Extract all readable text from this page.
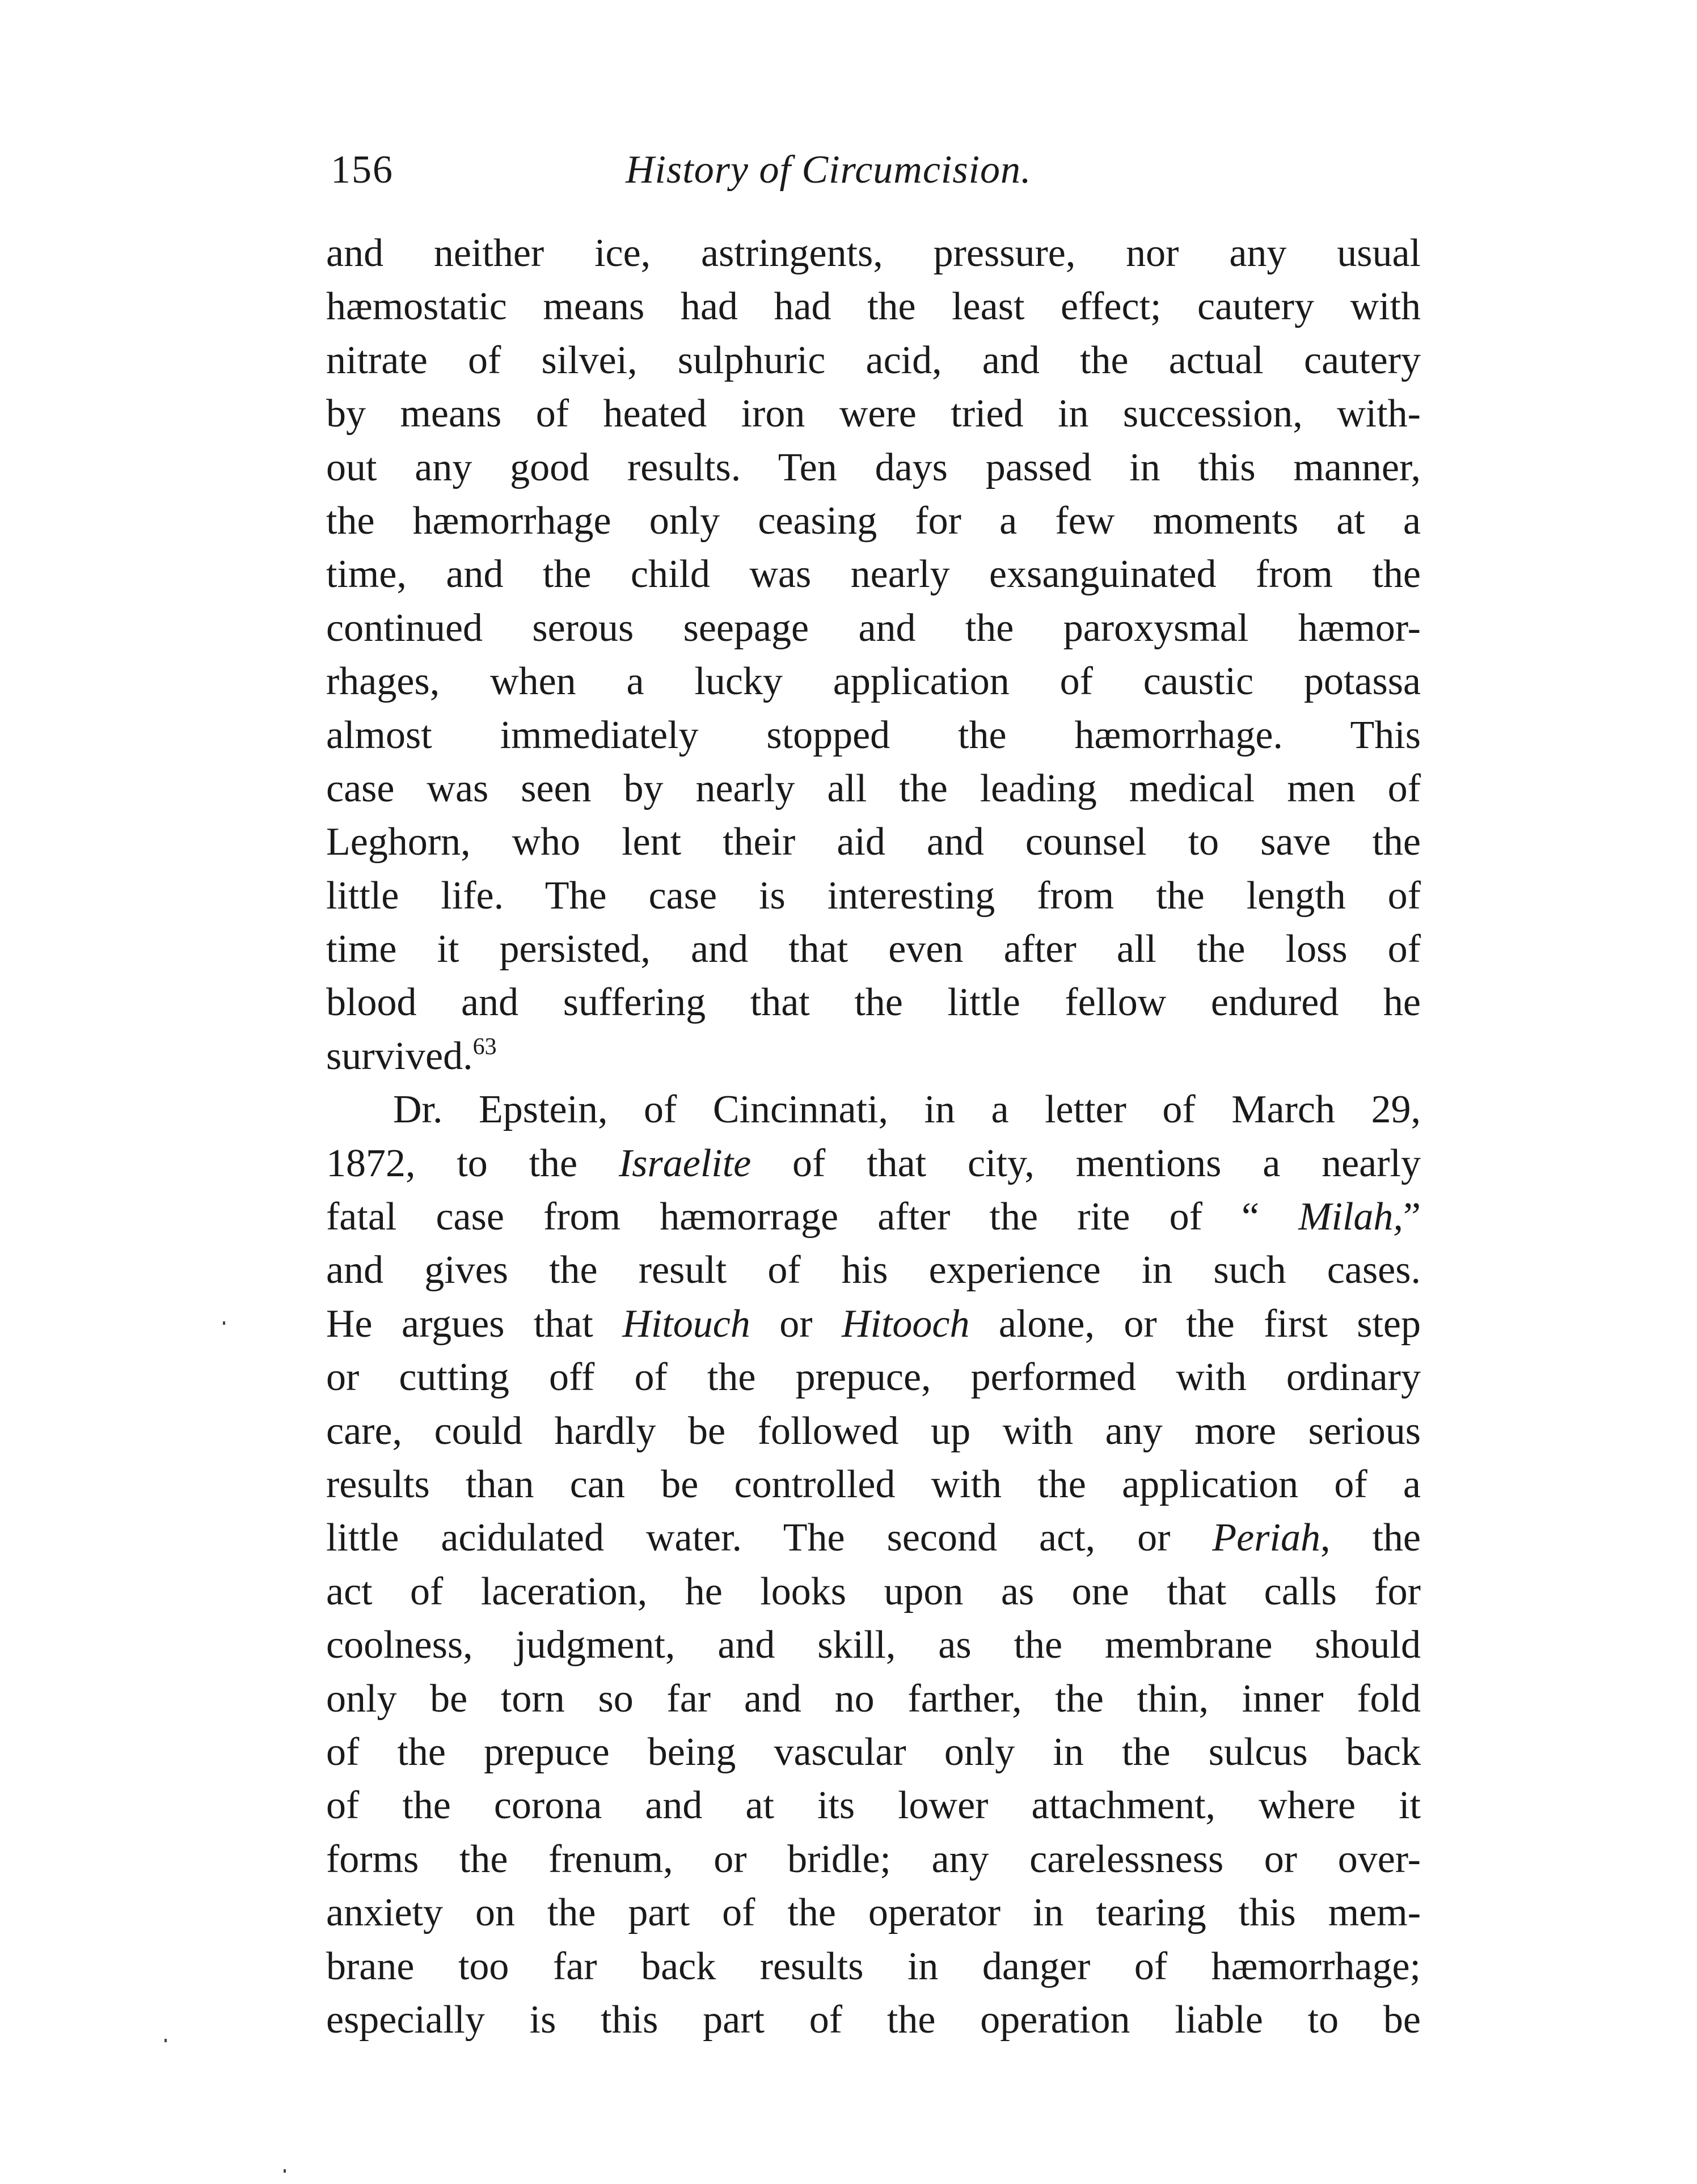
156	History of Circumcision.
and neither ice, astringents, pressure, nor any usual
hæmostatic means had had the least effect; cautery with
nitrate of silvei, sulphuric acid, and the actual cautery
by means of heated iron were tried in succession, with-
out any good results. Ten days passed in this manner,
the hæmorrhage only ceasing for a few moments at a
time, and the child was nearly exsanguinated from the
continued serous seepage and the paroxysmal hæmor-
rhages, when a lucky application of caustic potassa
almost immediately stopped the hæmorrhage. This
case was seen by nearly all the leading medical men of
Leghorn, who lent their aid and counsel to save the
little life. The case is interesting from the length of
time it persisted, and that even after all the loss of
blood and suffering that the little fellow endured he
survived.$^{63}$
Dr. Epstein, of Cincinnati, in a letter of March 29,
1872, to the Israelite of that city, mentions a nearly
fatal case from hæmorrage after the rite of “ Milah,”
and gives the result of his experience in such cases.
He argues that Hitouch or Hitooch alone, or the first step
or cutting off of the prepuce, performed with ordinary
care, could hardly be followed up with any more serious
results than can be controlled with the application of a
little acidulated water. The second act, or Periah, the
act of laceration, he looks upon as one that calls for
coolness, judgment, and skill, as the membrane should
only be torn so far and no farther, the thin, inner fold
of the prepuce being vascular only in the sulcus back
of the corona and at its lower attachment, where it
forms the frenum, or bridle; any carelessness or over-
anxiety on the part of the operator in tearing this mem-
brane too far back results in danger of hæmorrhage;
especially is this part of the operation liable to be
